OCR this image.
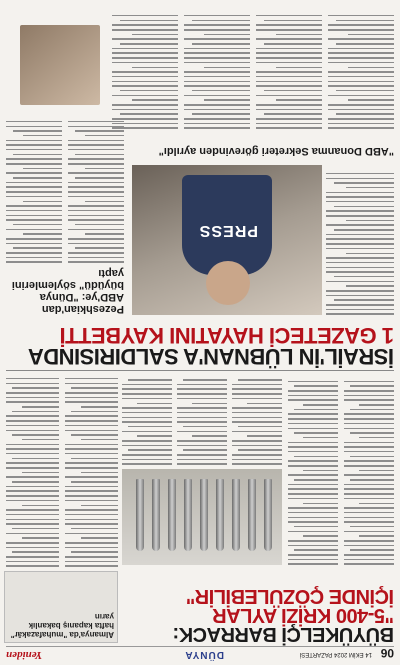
06
14 EKİM 2024 PAZARTESİ
DÜNYA
Yeniden
BÜYÜKELÇİ BARRACK:
"5-400 KRİZİ AYLAR
İÇİNDE ÇÖZÜLEBİLİR"
Almanya'da "muhafazakâr" hafta kapanış bakanlık yarın
İSRAİL'İN LÜBNAN'A SALDIRISINDA
1 GAZETECİ HAYATINI KAYBETTİ
PRESS
Pezeshkian'dan ABD'ye: "Dünya büyüdü" söylemlerini yaptı
"ABD Donanma Sekreteri görevinden ayrıldı"
